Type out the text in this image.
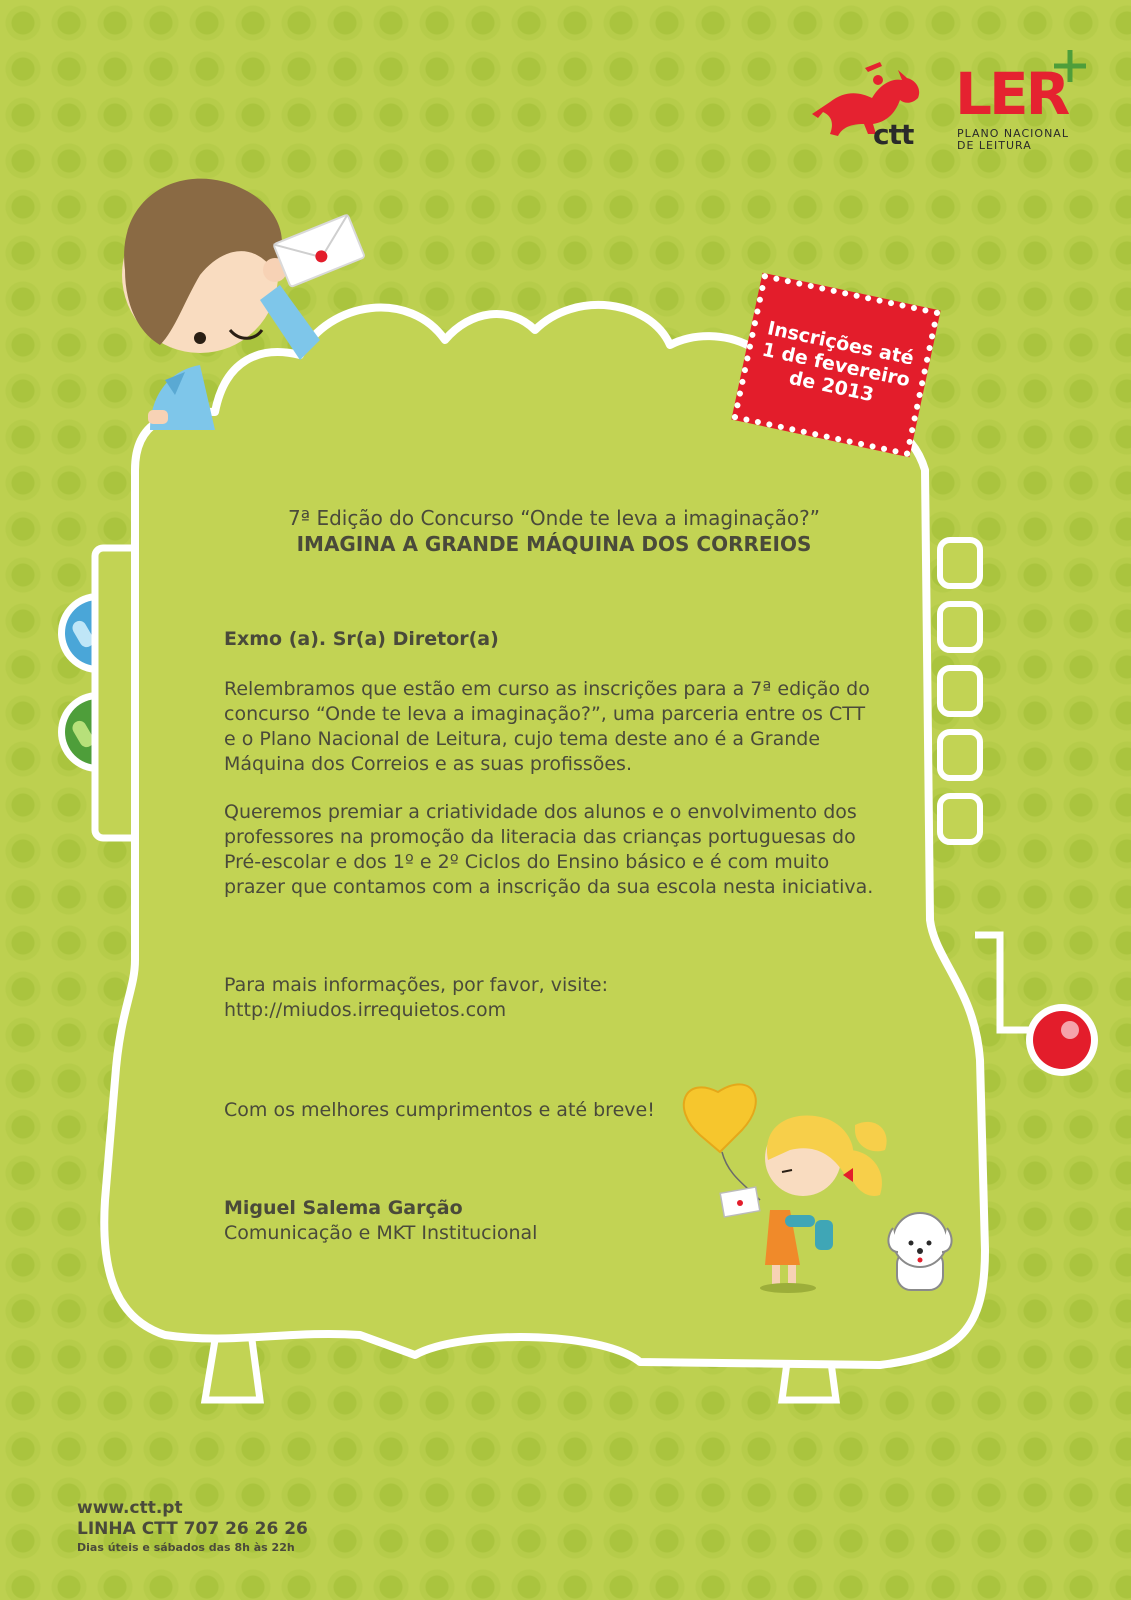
ctt
LER
PLANO NACIONAL
DE LEITURA
Inscrições até
1 de fevereiro
de 2013
7ª Edição do Concurso “Onde te leva a imaginação?”
IMAGINA A GRANDE MÁQUINA DOS CORREIOS
Exmo (a). Sr(a) Diretor(a)
Relembramos que estão em curso as inscrições para a 7ª edição do concurso “Onde te leva a imaginação?”, uma parceria entre os CTT e o Plano Nacional de Leitura, cujo tema deste ano é a Grande Máquina dos Correios e as suas profissões.
Queremos premiar a criatividade dos alunos e o envolvimento dos professores na promoção da literacia das crianças portuguesas do Pré-escolar e dos 1º e 2º Ciclos do Ensino básico e é com muito prazer que contamos com a inscrição da sua escola nesta iniciativa.
Para mais informações, por favor, visite:
http://miudos.irrequietos.com
Com os melhores cumprimentos e até breve!
Miguel Salema Garção
Comunicação e MKT Institucional
www.ctt.pt
LINHA CTT 707 26 26 26
Dias úteis e sábados das 8h às 22h
